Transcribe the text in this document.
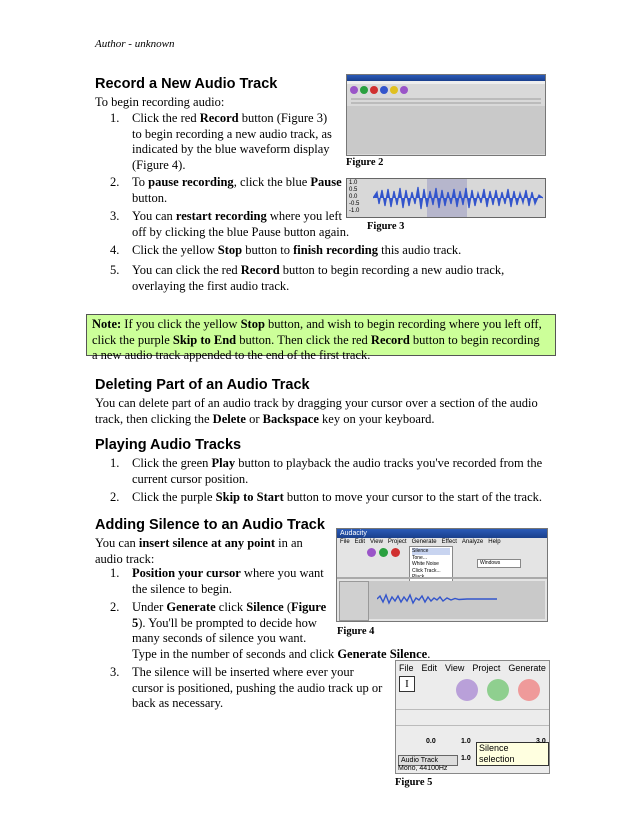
Author - unknown
Record a New Audio Track
To begin recording audio:
1. Click the red Record button (Figure 3)
to begin recording a new audio track, as
indicated by the blue waveform display
(Figure 4).
2. To pause recording, click the blue Pause
button.
3. You can restart recording where you left
off by clicking the blue Pause button again.
4. Click the yellow Stop button to finish recording this audio track.
5. You can click the red Record button to begin recording a new audio track,
overlaying the first audio track.
Figure 2
1.0
0.5
0.0
-0.5
-1.0
Figure 3
Note: If you click the yellow Stop button, and wish to begin recording where you left off,
click the purple Skip to End button. Then click the red Record button to begin recording
a new audio track appended to the end of the first track.
Deleting Part of an Audio Track
You can delete part of an audio track by dragging your cursor over a section of the audio
track, then clicking the Delete or Backspace key on your keyboard.
Playing Audio Tracks
1. Click the green Play button to playback the audio tracks you've recorded from the
current cursor position.
2. Click the purple Skip to Start button to move your cursor to the start of the track.
Adding Silence to an Audio Track
You can insert silence at any point in an
audio track:
1. Position your cursor where you want
the silence to begin.
2. Under Generate click Silence (Figure
5). You'll be prompted to decide how
many seconds of silence you want.
Type in the number of seconds and click Generate Silence.
3. The silence will be inserted where ever your
cursor is positioned, pushing the audio track up or
back as necessary.
Audacity
File Edit View Project Generate Effect Analyze Help
Silence
Tone...
White Noise
Click Track...
Windows
Figure 4
File Edit View Project Generate
I
Silence selection
0.0	1.0	3.0
Audio Track	1.0
Mono, 44100Hz
Figure 5
